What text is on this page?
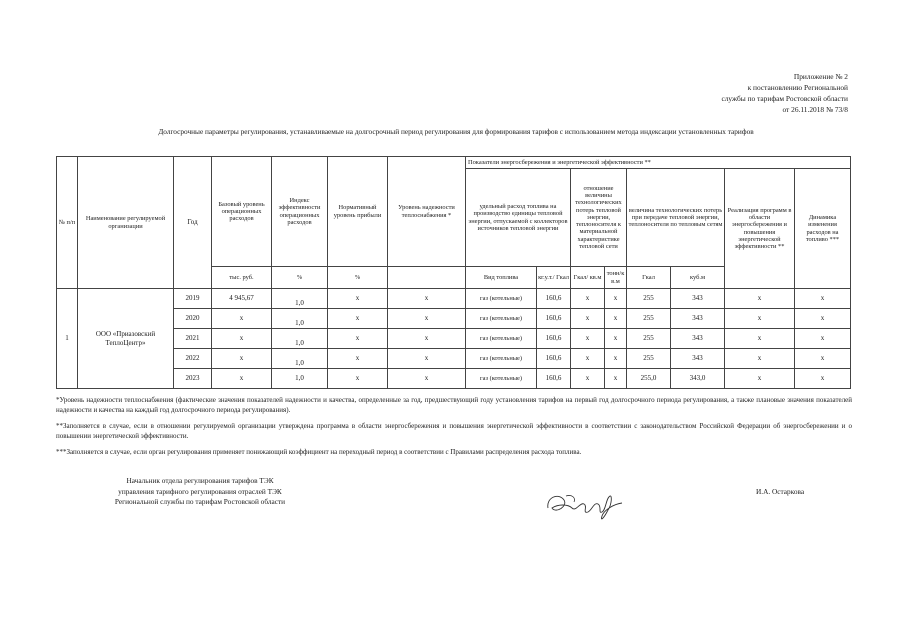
Приложение № 2
к постановлению Региональной
службы по тарифам Ростовской области
от 26.11.2018 № 73/8
Долгосрочные параметры регулирования, устанавливаемые на долгосрочный период регулирования для формирования тарифов с использованием метода индексации установленных тарифов
№ п/п	Наименование регулируемой организации	Год	Базовый уровень операционных расходов	Индекс эффективности операционных расходов	Нормативный уровень прибыли	Уровень надежности теплоснабжения *	Показатели энергосбережения и энергетической эффективности **							
							удельный расход топлива на производство единицы тепловой энергии, отпускаемой с коллекторов источников тепловой энергии		отношение величины технологических потерь тепловой энергии, теплоносителя к материальной характеристике тепловой сети		величина технологических потерь при передаче тепловой энергии, теплоносителя по тепловым сетям		Реализация программ в области энергосбережения и повышения энергетической эффективности **	Динамика изменения расходов на топливо ***
			тыс. руб.	%	%		Вид топлива	кг.у.т./ Гкал	Гкал/ кв.м	тонн/к в.м	Гкал	куб.м		
1	ООО «Приазовский ТеплоЦентр»	2019	4 945,67	1,0	х	х	газ (котельные)	160,6	х	х	255	343	х	х
		2020	х	1,0	х	х	газ (котельные)	160,6	х	х	255	343	х	х
		2021	х	1,0	х	х	газ (котельные)	160,6	х	х	255	343	х	х
		2022	х	1,0	х	х	газ (котельные)	160,6	х	х	255	343	х	х
		2023	х	1,0	х	х	газ (котельные)	160,6	х	х	255,0	343,0	х	х

*Уровень надежности теплоснабжения (фактические значения показателей надежности и качества, определенные за год, предшествующий году установления тарифов на первый год долгосрочного периода регулирования, а также плановые значения показателей надежности и качества на каждый год долгосрочного периода регулирования).

**Заполняется в случае, если в отношении регулируемой организации утверждена программа в области энергосбережения и повышения энергетической эффективности в соответствии с законодательством Российской Федерации об энергосбережении и о повышении энергетической эффективности.

***Заполняется в случае, если орган регулирования применяет понижающий коэффициент на переходный период в соответствии с Правилами распределения расхода топлива.

Начальник отдела регулирования тарифов ТЭК
управления тарифного регулирования отраслей ТЭК
Региональной службы по тарифам Ростовской области
И.А. Остаркова
